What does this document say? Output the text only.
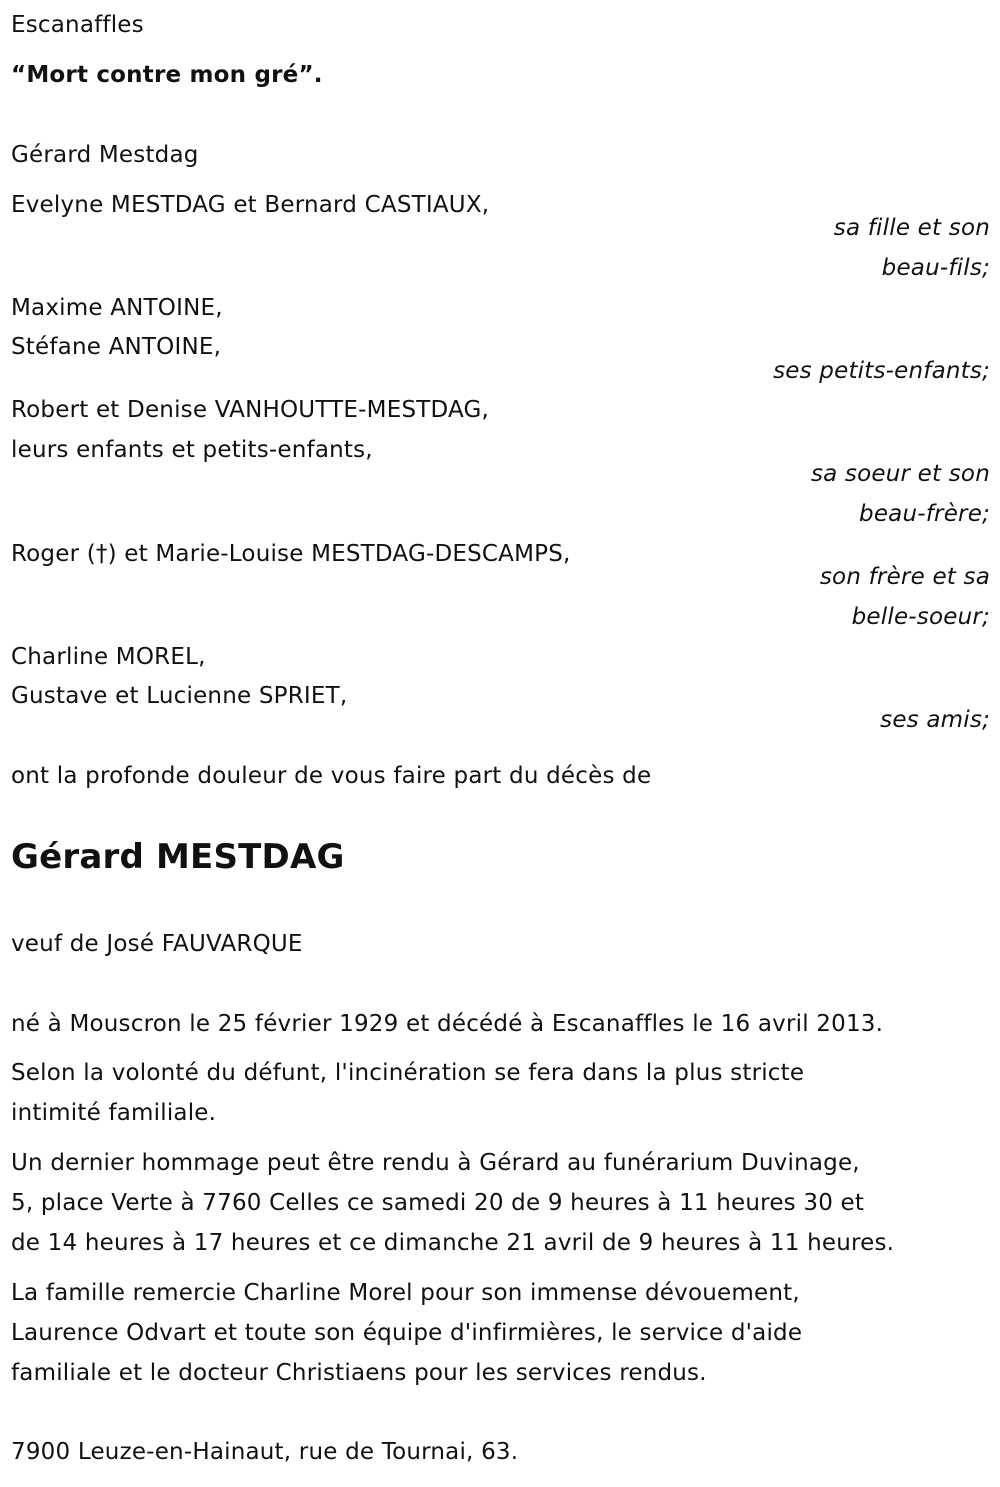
Escanaffles
“Mort contre mon gré”.
Gérard Mestdag
Evelyne MESTDAG et Bernard CASTIAUX,
sa fille et son
beau-fils;
Maxime ANTOINE,
Stéfane ANTOINE,
ses petits-enfants;
Robert et Denise VANHOUTTE-MESTDAG,
leurs enfants et petits-enfants,
sa soeur et son
beau-frère;
Roger (†) et Marie-Louise MESTDAG-DESCAMPS,
son frère et sa
belle-soeur;
Charline MOREL,
Gustave et Lucienne SPRIET,
ses amis;
ont la profonde douleur de vous faire part du décès de
Gérard MESTDAG
veuf de José FAUVARQUE
né à Mouscron le 25 février 1929 et décédé à Escanaffles le 16 avril 2013.
Selon la volonté du défunt, l'incinération se fera dans la plus stricte
intimité familiale.
Un dernier hommage peut être rendu à Gérard au funérarium Duvinage,
5, place Verte à 7760 Celles ce samedi 20 de 9 heures à 11 heures 30 et
de 14 heures à 17 heures et ce dimanche 21 avril de 9 heures à 11 heures.
La famille remercie Charline Morel pour son immense dévouement,
Laurence Odvart et toute son équipe d'infirmières, le service d'aide
familiale et le docteur Christiaens pour les services rendus.
7900 Leuze-en-Hainaut, rue de Tournai, 63.
